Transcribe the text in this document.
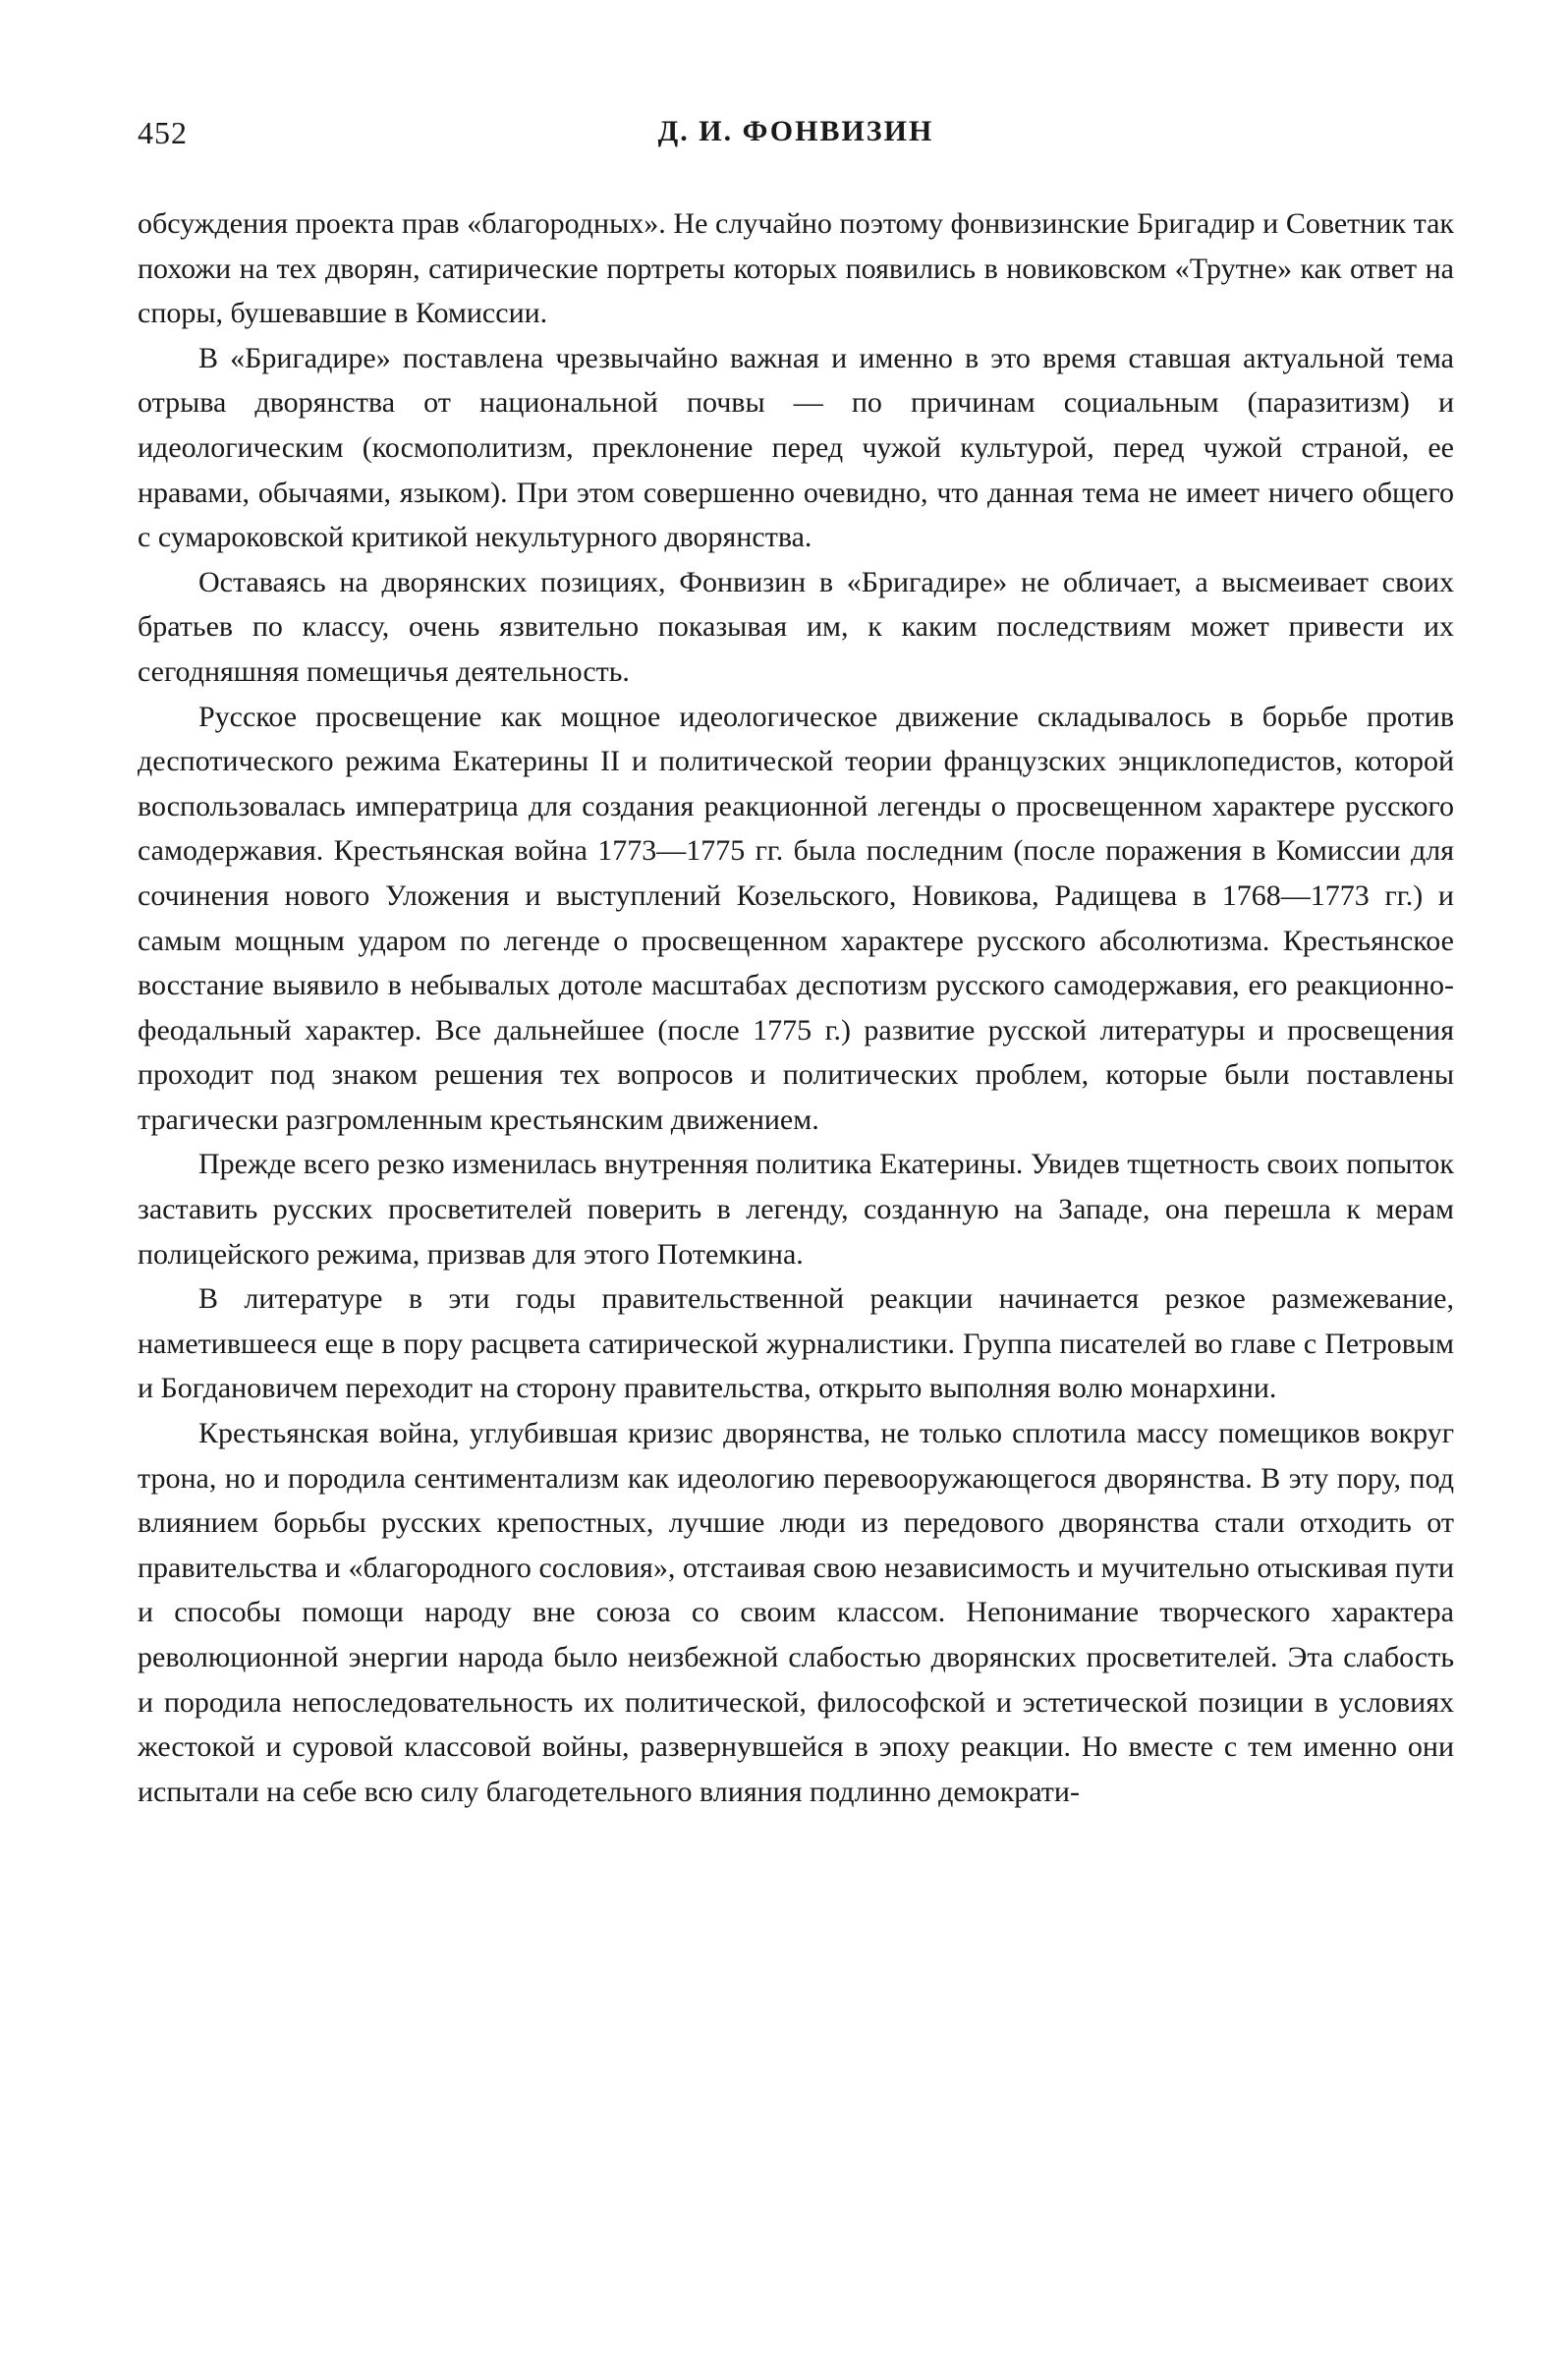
452	Д. И. ФОНВИЗИН

обсуждения проекта прав «благородных». Не случайно поэтому фонвизинские Бригадир и Советник так похожи на тех дворян, сатирические портреты которых появились в новиковском «Трутне» как ответ на споры, бушевавшие в Комиссии.

В «Бригадире» поставлена чрезвычайно важная и именно в это время ставшая актуальной тема отрыва дворянства от национальной почвы — по причинам социальным (паразитизм) и идеологическим (космополитизм, преклонение перед чужой культурой, перед чужой страной, ее нравами, обычаями, языком). При этом совершенно очевидно, что данная тема не имеет ничего общего с сумароковской критикой некультурного дворянства.

Оставаясь на дворянских позициях, Фонвизин в «Бригадире» не обличает, а высмеивает своих братьев по классу, очень язвительно показывая им, к каким последствиям может привести их сегодняшняя помещичья деятельность.

Русское просвещение как мощное идеологическое движение складывалось в борьбе против деспотического режима Екатерины II и политической теории французских энциклопедистов, которой воспользовалась императрица для создания реакционной легенды о просвещенном характере русского самодержавия. Крестьянская война 1773—1775 гг. была последним (после поражения в Комиссии для сочинения нового Уложения и выступлений Козельского, Новикова, Радищева в 1768—1773 гг.) и самым мощным ударом по легенде о просвещенном характере русского абсолютизма. Крестьянское восстание выявило в небывалых дотоле масштабах деспотизм русского самодержавия, его реакционно-феодальный характер. Все дальнейшее (после 1775 г.) развитие русской литературы и просвещения проходит под знаком решения тех вопросов и политических проблем, которые были поставлены трагически разгромленным крестьянским движением.

Прежде всего резко изменилась внутренняя политика Екатерины. Увидев тщетность своих попыток заставить русских просветителей поверить в легенду, созданную на Западе, она перешла к мерам полицейского режима, призвав для этого Потемкина.

В литературе в эти годы правительственной реакции начинается резкое размежевание, наметившееся еще в пору расцвета сатирической журналистики. Группа писателей во главе с Петровым и Богдановичем переходит на сторону правительства, открыто выполняя волю монархини.

Крестьянская война, углубившая кризис дворянства, не только сплотила массу помещиков вокруг трона, но и породила сентиментализм как идеологию перевооружающегося дворянства. В эту пору, под влиянием борьбы русских крепостных, лучшие люди из передового дворянства стали отходить от правительства и «благородного сословия», отстаивая свою независимость и мучительно отыскивая пути и способы помощи народу вне союза со своим классом. Непонимание творческого характера революционной энергии народа было неизбежной слабостью дворянских просветителей. Эта слабость и породила непоследовательность их политической, философской и эстетической позиции в условиях жестокой и суровой классовой войны, развернувшейся в эпоху реакции. Но вместе с тем именно они испытали на себе всю силу благодетельного влияния подлинно демократи-
